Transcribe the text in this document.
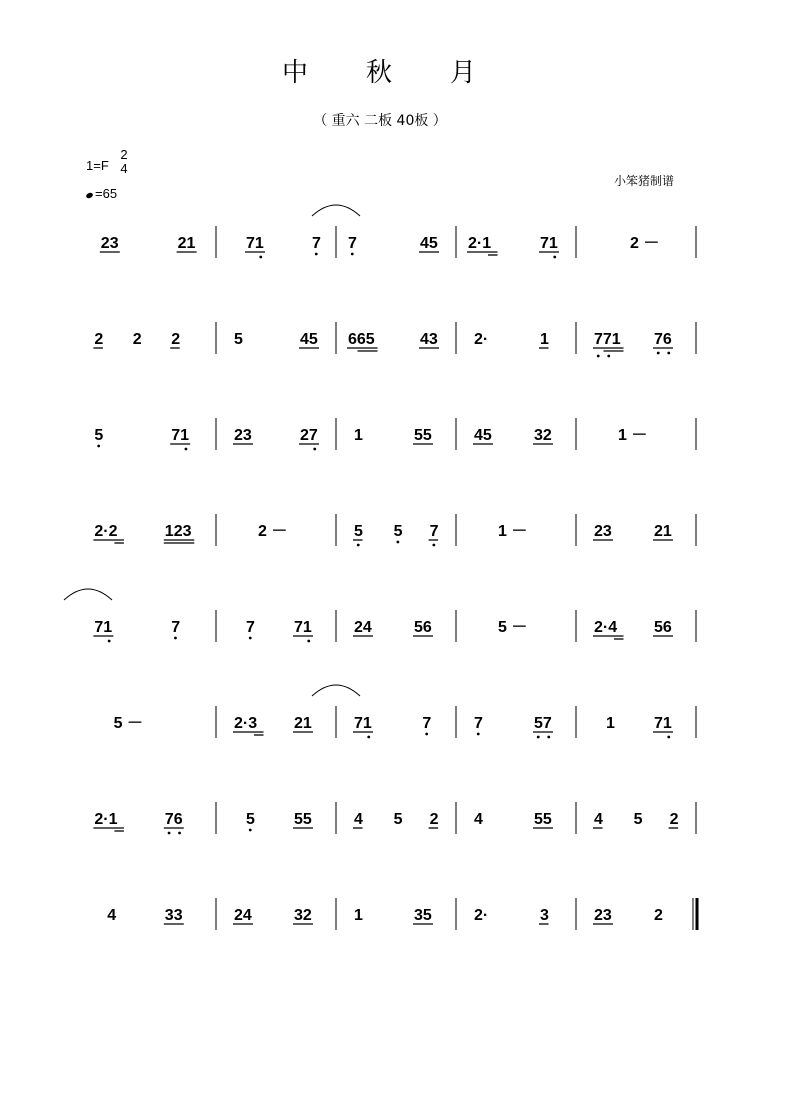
中　　秋　　月
（ 重六 二板 40板 ）
1=F
2
4
=65
小笨猪制谱
23	21	71	7 7	45 2·1	71	2 －
2 2 2	5	45 665	43 2·	1	771 76
5	71	23	27 1	55	45	32	1 －
2·2	123	2 －	5 5 7	1 －	23	21
71	7	7 71	24	56	5 －	2·4 56
5 －	2·3 21	71	7	7	57	1 71
2·1	76	5 55	4 5 2 4	55	4 5 2
4	33	24	32	1	35	2·	3	23	2
